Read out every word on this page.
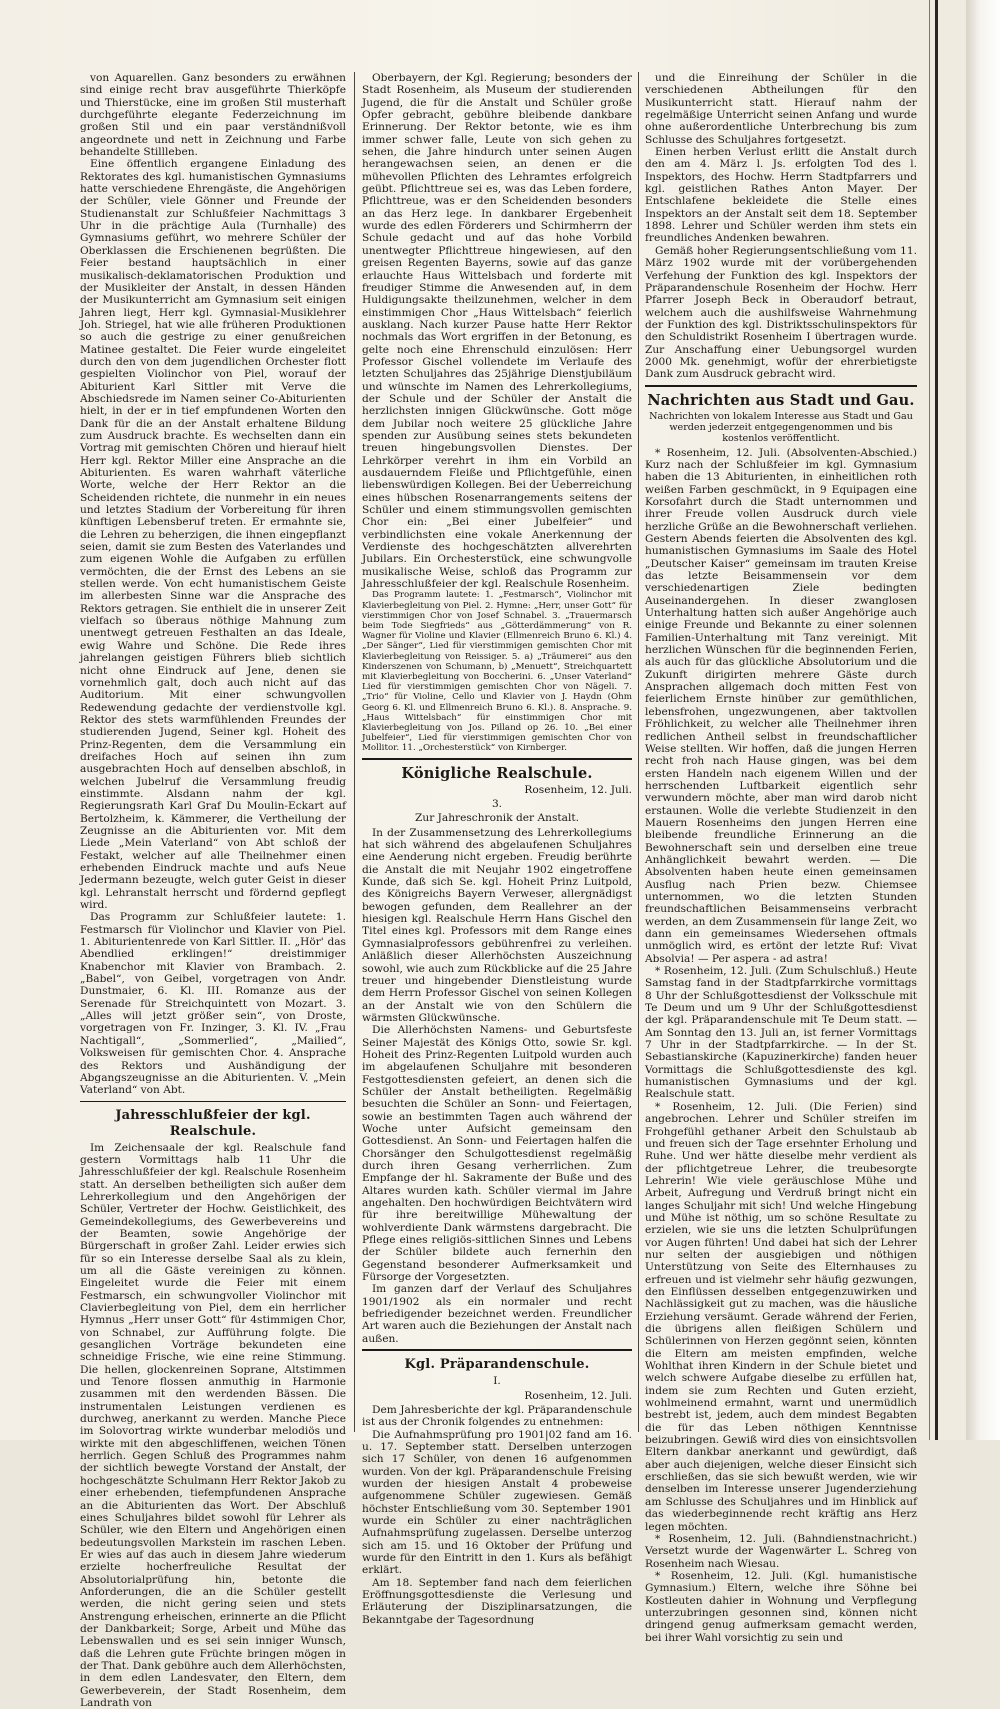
von Aquarellen. Ganz besonders zu erwähnen sind einige recht brav ausgeführte Thierköpfe und Thierstücke, eine im großen Stil musterhaft durchgeführte elegante Federzeichnung im großen Stil und ein paar verständnißvoll angeordnete und nett in Zeichnung und Farbe behandelte Stillleben.

Eine öffentlich ergangene Einladung des Rektorates des kgl. humanistischen Gymnasiums hatte verschiedene Ehrengäste, die Angehörigen der Schüler, viele Gönner und Freunde der Studienanstalt zur Schlußfeier Nachmittags 3 Uhr in die prächtige Aula (Turnhalle) des Gymnasiums geführt, wo mehrere Schüler der Oberklassen die Erschienenen begrüßten. Die Feier bestand hauptsächlich in einer musikalisch-deklamatorischen Produktion und der Musikleiter der Anstalt, in dessen Händen der Musikunterricht am Gymnasium seit einigen Jahren liegt, Herr kgl. Gymnasial-Musiklehrer Joh. Striegel, hat wie alle früheren Produktionen so auch die gestrige zu einer genußreichen Matinee gestaltet. Die Feier wurde eingeleitet durch den von dem jugendlichen Orchester flott gespielten Violinchor von Piel, worauf der Abiturient Karl Sittler mit Verve die Abschiedsrede im Namen seiner Co-Abiturienten hielt, in der er in tief empfundenen Worten den Dank für die an der Anstalt erhaltene Bildung zum Ausdruck brachte. Es wechselten dann ein Vortrag mit gemischten Chören und hierauf hielt Herr kgl. Rektor Miller eine Ansprache an die Abiturienten. Es waren wahrhaft väterliche Worte, welche der Herr Rektor an die Scheidenden richtete, die nunmehr in ein neues und letztes Stadium der Vorbereitung für ihren künftigen Lebensberuf treten. Er ermahnte sie, die Lehren zu beherzigen, die ihnen eingepflanzt seien, damit sie zum Besten des Vaterlandes und zum eigenen Wohle die Aufgaben zu erfüllen vermöchten, die der Ernst des Lebens an sie stellen werde. Von echt humanistischem Geiste im allerbesten Sinne war die Ansprache des Rektors getragen. Sie enthielt die in unserer Zeit vielfach so überaus nöthige Mahnung zum unentwegt getreuen Festhalten an das Ideale, ewig Wahre und Schöne. Die Rede ihres jahrelangen geistigen Führers blieb sichtlich nicht ohne Eindruck auf Jene, denen sie vornehmlich galt, doch auch nicht auf das Auditorium. Mit einer schwungvollen Redewendung gedachte der verdienstvolle kgl. Rektor des stets warmfühlenden Freundes der studierenden Jugend, Seiner kgl. Hoheit des Prinz-Regenten, dem die Versammlung ein dreifaches Hoch auf seinen ihn zum ausgebrachten Hoch auf denselben abschloß, in welchen Jubelruf die Versammlung freudig einstimmte. Alsdann nahm der kgl. Regierungsrath Karl Graf Du Moulin-Eckart auf Bertolzheim, k. Kämmerer, die Vertheilung der Zeugnisse an die Abiturienten vor. Mit dem Liede „Mein Vaterland“ von Abt schloß der Festakt, welcher auf alle Theilnehmer einen erhebenden Eindruck machte und aufs Neue Jedermann bezeugte, welch guter Geist in dieser kgl. Lehranstalt herrscht und fördernd gepflegt wird.

Das Programm zur Schlußfeier lautete: 1. Festmarsch für Violinchor und Klavier von Piel. 1. Abiturientenrede von Karl Sittler. II. „Hör' das Abendlied erklingen!“ dreistimmiger Knabenchor mit Klavier von Brambach. 2. „Babel“, von Geibel, vorgetragen von Andr. Dunstmaier, 6. Kl. III. Romanze aus der Serenade für Streichquintett von Mozart. 3. „Alles will jetzt größer sein“, von Droste, vorgetragen von Fr. Inzinger, 3. Kl. IV. „Frau Nachtigall“, „Sommerlied“, „Mailied“, Volksweisen für gemischten Chor. 4. Ansprache des Rektors und Aushändigung der Abgangszeugnisse an die Abiturienten. V. „Mein Vaterland“ von Abt.

Jahresschlußfeier der kgl. Realschule.

Im Zeichensaale der kgl. Realschule fand gestern Vormittags halb 11 Uhr die Jahresschlußfeier der kgl. Realschule Rosenheim statt. An derselben betheiligten sich außer dem Lehrerkollegium und den Angehörigen der Schüler, Vertreter der Hochw. Geistlichkeit, des Gemeindekollegiums, des Gewerbevereins und der Beamten, sowie Angehörige der Bürgerschaft in großer Zahl. Leider erwies sich für so ein Interesse derselbe Saal als zu klein, um all die Gäste vereinigen zu können. Eingeleitet wurde die Feier mit einem Festmarsch, ein schwungvoller Violinchor mit Clavierbegleitung von Piel, dem ein herrlicher Hymnus „Herr unser Gott“ für 4stimmigen Chor, von Schnabel, zur Aufführung folgte. Die gesanglichen Vorträge bekundeten eine schneidige Frische, wie eine reine Stimmung. Die hellen, glockenreinen Soprane, Altstimmen und Tenore flossen anmuthig in Harmonie zusammen mit den werdenden Bässen. Die instrumentalen Leistungen verdienen es durchweg, anerkannt zu werden. Manche Piece im Solovortrag wirkte wunderbar melodiös und wirkte mit den abgeschliffenen, weichen Tönen herrlich. Gegen Schluß des Programmes nahm der sichtlich bewegte Vorstand der Anstalt, der hochgeschätzte Schulmann Herr Rektor Jakob zu einer erhebenden, tiefempfundenen Ansprache an die Abiturienten das Wort. Der Abschluß eines Schuljahres bildet sowohl für Lehrer als Schüler, wie den Eltern und Angehörigen einen bedeutungsvollen Markstein im raschen Leben. Er wies auf das auch in diesem Jahre wiederum erzielte hocherfreuliche Resultat der Absolutorialprüfung hin, betonte die Anforderungen, die an die Schüler gestellt werden, die nicht gering seien und stets Anstrengung erheischen, erinnerte an die Pflicht der Dankbarkeit; Sorge, Arbeit und Mühe das Lebenswallen und es sei sein inniger Wunsch, daß die Lehren gute Früchte bringen mögen in der That. Dank gebühre auch dem Allerhöchsten, in dem edlen Landesvater, den Eltern, dem Gewerbeverein, der Stadt Rosenheim, dem Landrath von

Oberbayern, der Kgl. Regierung; besonders der Stadt Rosenheim, als Museum der studierenden Jugend, die für die Anstalt und Schüler große Opfer gebracht, gebühre bleibende dankbare Erinnerung. Der Rektor betonte, wie es ihm immer schwer falle, Leute von sich gehen zu sehen, die Jahre hindurch unter seinen Augen herangewachsen seien, an denen er die mühevollen Pflichten des Lehramtes erfolgreich geübt. Pflichttreue sei es, was das Leben fordere, Pflichttreue, was er den Scheidenden besonders an das Herz lege. In dankbarer Ergebenheit wurde des edlen Förderers und Schirmherrn der Schule gedacht und auf das hohe Vorbild unentwegter Pflichttreue hingewiesen, auf den greisen Regenten Bayerns, sowie auf das ganze erlauchte Haus Wittelsbach und forderte mit freudiger Stimme die Anwesenden auf, in dem Huldigungsakte theilzunehmen, welcher in dem einstimmigen Chor „Haus Wittelsbach“ feierlich ausklang. Nach kurzer Pause hatte Herr Rektor nochmals das Wort ergriffen in der Betonung, es gelte noch eine Ehrenschuld einzulösen: Herr Professor Gischel vollendete im Verlaufe des letzten Schuljahres das 25jährige Dienstjubiläum und wünschte im Namen des Lehrerkollegiums, der Schule und der Schüler der Anstalt die herzlichsten innigen Glückwünsche. Gott möge dem Jubilar noch weitere 25 glückliche Jahre spenden zur Ausübung seines stets bekundeten treuen hingebungsvollen Dienstes. Der Lehrkörper verehrt in ihm ein Vorbild an ausdauerndem Fleiße und Pflichtgefühle, einen liebenswürdigen Kollegen. Bei der Ueberreichung eines hübschen Rosenarrangements seitens der Schüler und einem stimmungsvollen gemischten Chor ein: „Bei einer Jubelfeier“ und verbindlichsten eine vokale Anerkennung der Verdienste des hochgeschätzten allverehrten Jubilars. Ein Orchesterstück, eine schwungvolle musikalische Weise, schloß das Programm zur Jahresschlußfeier der kgl. Realschule Rosenheim.

Das Programm lautete: 1. „Festmarsch“, Violinchor mit Klavierbegleitung von Piel. 2. Hymne: „Herr, unser Gott“ für vierstimmigen Chor von Josef Schnabel. 3. „Trauermarsch beim Tode Siegfrieds“ aus „Götterdämmerung“ von R. Wagner für Violine und Klavier (Ellmenreich Bruno 6. Kl.) 4. „Der Sänger“, Lied für vierstimmigen gemischten Chor mit Klavierbegleitung von Reissiger. 5. a) „Träumerei“ aus den Kinderszenen von Schumann, b) „Menuett“, Streichquartett mit Klavierbegleitung von Boccherini. 6. „Unser Vaterland“ Lied für vierstimmigen gemischten Chor von Nägeli. 7. „Trio“ für Violine, Cello und Klavier von J. Haydn (Ohm Georg 6. Kl. und Ellmenreich Bruno 6. Kl.). 8. Ansprache. 9. „Haus Wittelsbach“ für einstimmigen Chor mit Klavierbegleitung von Jos. Pilland op 26. 10. „Bei einer Jubelfeier“, Lied für vierstimmigen gemischten Chor von Mollitor. 11. „Orchesterstück“ von Kirnberger.

Königliche Realschule.
Rosenheim, 12. Juli.
3.
Zur Jahreschronik der Anstalt.

In der Zusammensetzung des Lehrerkollegiums hat sich während des abgelaufenen Schuljahres eine Aenderung nicht ergeben. Freudig berührte die Anstalt die mit Neujahr 1902 eingetroffene Kunde, daß sich Se. kgl. Hoheit Prinz Luitpold, des Königreichs Bayern Verweser, allergnädigst bewogen gefunden, dem Reallehrer an der hiesigen kgl. Realschule Herrn Hans Gischel den Titel eines kgl. Professors mit dem Range eines Gymnasialprofessors gebührenfrei zu verleihen. Anläßlich dieser Allerhöchsten Auszeichnung sowohl, wie auch zum Rückblicke auf die 25 Jahre treuer und hingebender Dienstleistung wurde dem Herrn Professor Gischel von seinen Kollegen an der Anstalt wie von den Schülern die wärmsten Glückwünsche.

Die Allerhöchsten Namens- und Geburtsfeste Seiner Majestät des Königs Otto, sowie Sr. kgl. Hoheit des Prinz-Regenten Luitpold wurden auch im abgelaufenen Schuljahre mit besonderen Festgottesdiensten gefeiert, an denen sich die Schüler der Anstalt betheiligten. Regelmäßig besuchten die Schüler an Sonn- und Feiertagen, sowie an bestimmten Tagen auch während der Woche unter Aufsicht gemeinsam den Gottesdienst. An Sonn- und Feiertagen halfen die Chorsänger den Schulgottesdienst regelmäßig durch ihren Gesang verherrlichen. Zum Empfange der hl. Sakramente der Buße und des Altares wurden kath. Schüler viermal im Jahre angehalten. Den hochwürdigen Beichtvätern wird für ihre bereitwillige Mühewaltung der wohlverdiente Dank wärmstens dargebracht. Die Pflege eines religiös-sittlichen Sinnes und Lebens der Schüler bildete auch fernerhin den Gegenstand besonderer Aufmerksamkeit und Fürsorge der Vorgesetzten.

Im ganzen darf der Verlauf des Schuljahres 1901/1902 als ein normaler und recht befriedigender bezeichnet werden. Freundlicher Art waren auch die Beziehungen der Anstalt nach außen.

Kgl. Präparandenschule.
I.
Rosenheim, 12. Juli.

Dem Jahresberichte der kgl. Präparandenschule ist aus der Chronik folgendes zu entnehmen:

Die Aufnahmsprüfung pro 1901|02 fand am 16. u. 17. September statt. Derselben unterzogen sich 17 Schüler, von denen 16 aufgenommen wurden. Von der kgl. Präparandenschule Freising wurden der hiesigen Anstalt 4 probeweise aufgenommene Schüler zugewiesen. Gemäß höchster Entschließung vom 30. September 1901 wurde ein Schüler zu einer nachträglichen Aufnahmsprüfung zugelassen. Derselbe unterzog sich am 15. und 16 Oktober der Prüfung und wurde für den Eintritt in den 1. Kurs als befähigt erklärt.

Am 18. September fand nach dem feierlichen Eröffnungsgottesdienste die Verlesung und Erläuterung der Disziplinarsatzungen, die Bekanntgabe der Tagesordnung

und die Einreihung der Schüler in die verschiedenen Abtheilungen für den Musikunterricht statt. Hierauf nahm der regelmäßige Unterricht seinen Anfang und wurde ohne außerordentliche Unterbrechung bis zum Schlusse des Schuljahres fortgesetzt.

Einen herben Verlust erlitt die Anstalt durch den am 4. März l. Js. erfolgten Tod des l. Inspektors, des Hochw. Herrn Stadtpfarrers und kgl. geistlichen Rathes Anton Mayer. Der Entschlafene bekleidete die Stelle eines Inspektors an der Anstalt seit dem 18. September 1898. Lehrer und Schüler werden ihm stets ein freundliches Andenken bewahren.

Gemäß hoher Regierungsentschließung vom 11. März 1902 wurde mit der vorübergehenden Verfehung der Funktion des kgl. Inspektors der Präparandenschule Rosenheim der Hochw. Herr Pfarrer Joseph Beck in Oberaudorf betraut, welchem auch die aushilfsweise Wahrnehmung der Funktion des kgl. Distriktsschulinspektors für den Schuldistrikt Rosenheim I übertragen wurde. Zur Anschaffung einer Uebungsorgel wurden 2000 Mk. genehmigt, wofür der ehrerbietigste Dank zum Ausdruck gebracht wird.

Nachrichten aus Stadt und Gau.
Nachrichten von lokalem Interesse aus Stadt und Gau werden jederzeit entgegengenommen und bis kostenlos veröffentlicht.

* Rosenheim, 12. Juli. (Absolventen-Abschied.) Kurz nach der Schlußfeier im kgl. Gymnasium haben die 13 Abiturienten, in einheitlichen roth weißen Farben geschmückt, in 9 Equipagen eine Korsofahrt durch die Stadt unternommen und ihrer Freude vollen Ausdruck durch viele herzliche Grüße an die Bewohnerschaft verliehen. Gestern Abends feierten die Absolventen des kgl. humanistischen Gymnasiums im Saale des Hotel „Deutscher Kaiser“ gemeinsam im trauten Kreise das letzte Beisammensein vor dem verschiedenartigen Ziele bedingten Auseinandergehen. In dieser zwanglosen Unterhaltung hatten sich außer Angehörige auch einige Freunde und Bekannte zu einer solennen Familien-Unterhaltung mit Tanz vereinigt. Mit herzlichen Wünschen für die beginnenden Ferien, als auch für das glückliche Absolutorium und die Zukunft dirigirten mehrere Gäste durch Ansprachen allgemach doch mitten Fest von feierlichem Ernste hinüber zur gemüthlichen, lebensfrohen, ungezwungenen, aber taktvollen Fröhlichkeit, zu welcher alle Theilnehmer ihren redlichen Antheil selbst in freundschaftlicher Weise stellten. Wir hoffen, daß die jungen Herren recht froh nach Hause gingen, was bei dem ersten Handeln nach eigenem Willen und der herrschenden Luftbarkeit eigentlich sehr verwundern möchte, aber man wird darob nicht erstaunen. Wolle die verlebte Studienzeit in den Mauern Rosenheims den jungen Herren eine bleibende freundliche Erinnerung an die Bewohnerschaft sein und derselben eine treue Anhänglichkeit bewahrt werden. — Die Absolventen haben heute einen gemeinsamen Ausflug nach Prien bezw. Chiemsee unternommen, wo die letzten Stunden freundschaftlichen Beisammenseins verbracht werden, an dem Zusammensein für lange Zeit, wo dann ein gemeinsames Wiedersehen oftmals unmöglich wird, es ertönt der letzte Ruf: Vivat Absolvia! — Per aspera - ad astra!

* Rosenheim, 12. Juli. (Zum Schulschluß.) Heute Samstag fand in der Stadtpfarrkirche vormittags 8 Uhr der Schlußgottesdienst der Volksschule mit Te Deum und um 9 Uhr der Schlußgottesdienst der kgl. Präparandenschule mit Te Deum statt. — Am Sonntag den 13. Juli an, ist ferner Vormittags 7 Uhr in der Stadtpfarrkirche. — In der St. Sebastianskirche (Kapuzinerkirche) fanden heuer Vormittags die Schlußgottesdienste des kgl. humanistischen Gymnasiums und der kgl. Realschule statt.

* Rosenheim, 12. Juli. (Die Ferien) sind angebrochen. Lehrer und Schüler streifen im Frohgefühl gethaner Arbeit den Schulstaub ab und freuen sich der Tage ersehnter Erholung und Ruhe. Und wer hätte dieselbe mehr verdient als der pflichtgetreue Lehrer, die treubesorgte Lehrerin! Wie viele geräuschlose Mühe und Arbeit, Aufregung und Verdruß bringt nicht ein langes Schuljahr mit sich! Und welche Hingebung und Mühe ist nöthig, um so schöne Resultate zu erzielen, wie sie uns die letzten Schulprüfungen vor Augen führten! Und dabei hat sich der Lehrer nur selten der ausgiebigen und nöthigen Unterstützung von Seite des Elternhauses zu erfreuen und ist vielmehr sehr häufig gezwungen, den Einflüssen desselben entgegenzuwirken und Nachlässigkeit gut zu machen, was die häusliche Erziehung versäumt. Gerade während der Ferien, die übrigens allen fleißigen Schülern und Schülerinnen von Herzen gegönnt seien, könnten die Eltern am meisten empfinden, welche Wohlthat ihren Kindern in der Schule bietet und welch schwere Aufgabe dieselbe zu erfüllen hat, indem sie zum Rechten und Guten erzieht, wohlmeinend ermahnt, warnt und unermüdlich bestrebt ist, jedem, auch dem mindest Begabten die für das Leben nöthigen Kenntnisse beizubringen. Gewiß wird dies von einsichtsvollen Eltern dankbar anerkannt und gewürdigt, daß aber auch diejenigen, welche dieser Einsicht sich erschließen, das sie sich bewußt werden, wie wir denselben im Interesse unserer Jugenderziehung am Schlusse des Schuljahres und im Hinblick auf das wiederbeginnende recht kräftig ans Herz legen möchten.

* Rosenheim, 12. Juli. (Bahndienstnachricht.) Versetzt wurde der Wagenwärter L. Schreg von Rosenheim nach Wiesau.

* Rosenheim, 12. Juli. (Kgl. humanistische Gymnasium.) Eltern, welche ihre Söhne bei Kostleuten dahier in Wohnung und Verpflegung unterzubringen gesonnen sind, können nicht dringend genug aufmerksam gemacht werden, bei ihrer Wahl vorsichtig zu sein und
